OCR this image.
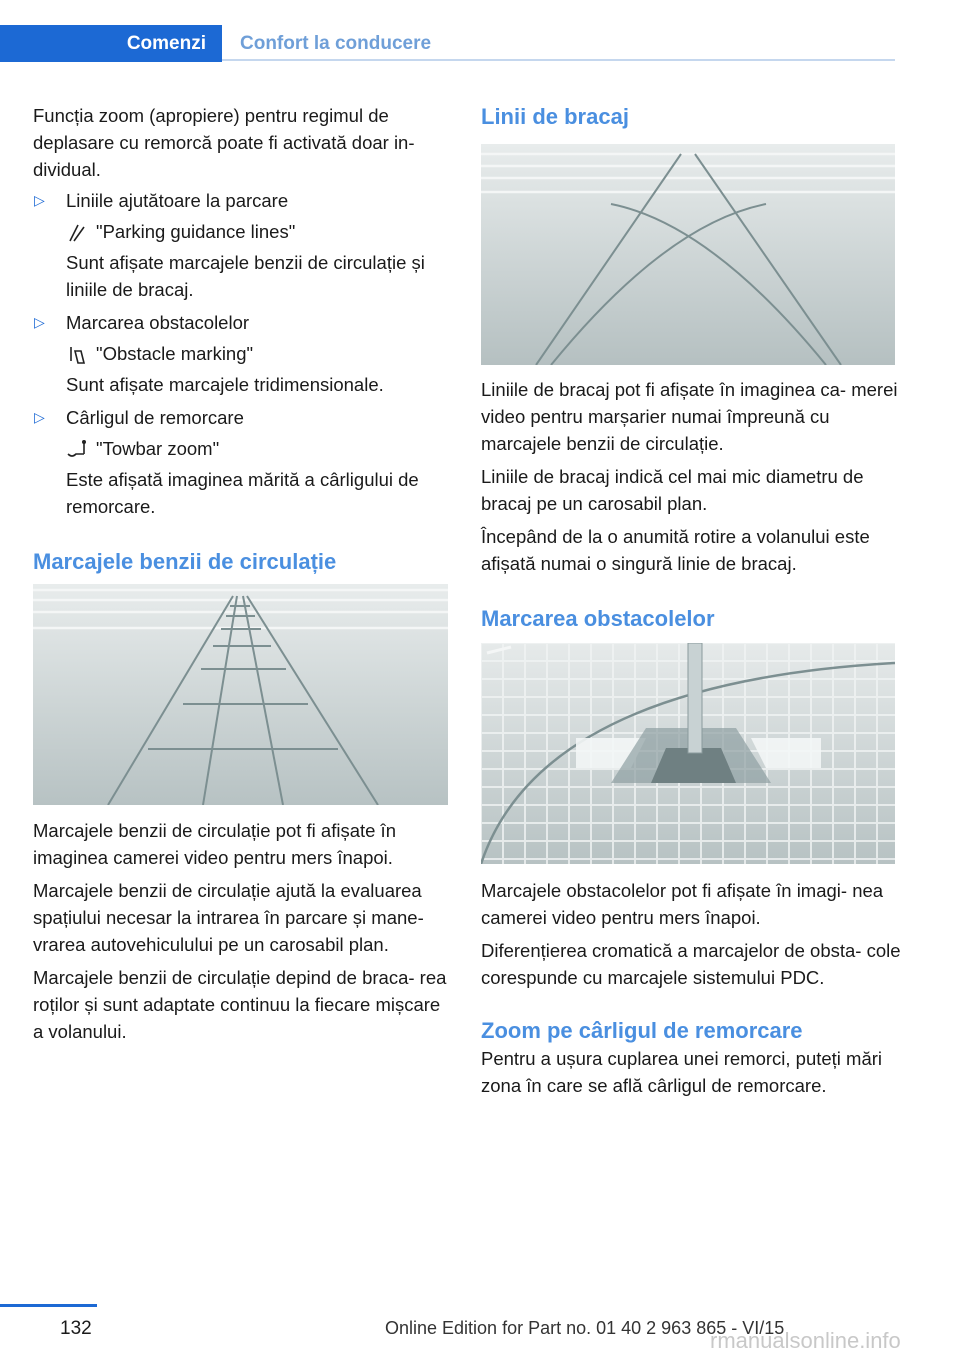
Comenzi	Confort la conducere

Funcția zoom (apropiere) pentru regimul de deplasare cu remorcă poate fi activată doar in‐ dividual.

▷ Liniile ajutătoare la parcare
"Parking guidance lines"
Sunt afișate marcajele benzii de circulație și liniile de bracaj.
▷ Marcarea obstacolelor
"Obstacle marking"
Sunt afișate marcajele tridimensionale.
▷ Cârligul de remorcare
"Towbar zoom"
Este afișată imaginea mărită a cârligului de remorcare.
Marcajele benzii de circulație

Marcajele benzii de circulație pot fi afișate în imaginea camerei video pentru mers înapoi.

Marcajele benzii de circulație ajută la evaluarea spațiului necesar la intrarea în parcare și mane‐ vrarea autovehiculului pe un carosabil plan.

Marcajele benzii de circulație depind de braca‐ rea roților și sunt adaptate continuu la fiecare mișcare a volanului.

Linii de bracaj

Liniile de bracaj pot fi afișate în imaginea ca‐ merei video pentru marșarier numai împreună cu marcajele benzii de circulație.

Liniile de bracaj indică cel mai mic diametru de bracaj pe un carosabil plan.

Începând de la o anumită rotire a volanului este afișată numai o singură linie de bracaj.

Marcarea obstacolelor

Marcajele obstacolelor pot fi afișate în imagi‐ nea camerei video pentru mers înapoi.

Diferențierea cromatică a marcajelor de obsta‐ cole corespunde cu marcajele sistemului PDC.

Zoom pe cârligul de remorcare

Pentru a ușura cuplarea unei remorci, puteți mări zona în care se află cârligul de remorcare.

132	Online Edition for Part no. 01 40 2 963 865 - VI/15
rmanualsonline.info
